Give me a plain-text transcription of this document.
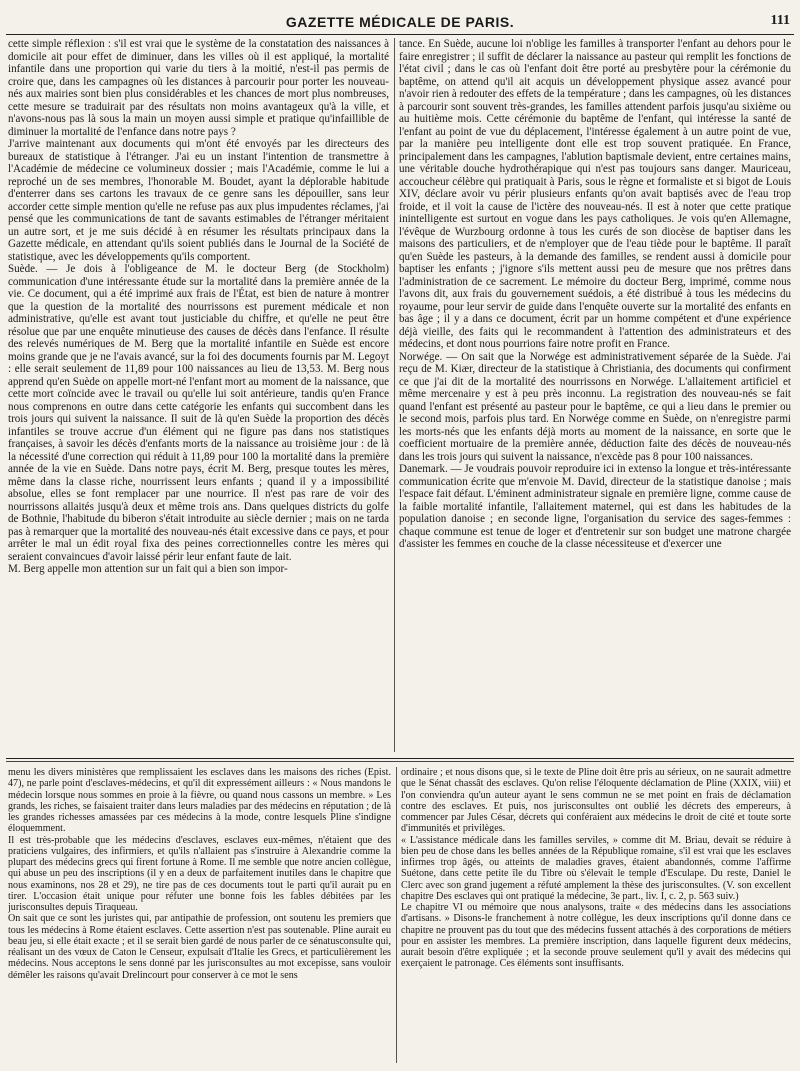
GAZETTE MÉDICALE DE PARIS.	111

cette simple réflexion : s'il est vrai que le système de la constatation des naissances à domicile ait pour effet de diminuer, dans les villes où il est appliqué, la mortalité infantile dans une proportion qui varie du tiers à la moitié, n'est-il pas permis de croire que, dans les campagnes où les distances à parcourir pour porter les nouveau-nés aux mairies sont bien plus considérables et les chances de mort plus nombreuses, cette mesure se traduirait par des résultats non moins avantageux qu'à la ville, et n'avons-nous pas là sous la main un moyen aussi simple et pratique qu'infaillible de diminuer la mortalité de l'enfance dans notre pays ?

J'arrive maintenant aux documents qui m'ont été envoyés par les directeurs des bureaux de statistique à l'étranger. J'ai eu un instant l'intention de transmettre à l'Académie de médecine ce volumineux dossier ; mais l'Académie, comme le lui a reproché un de ses membres, l'honorable M. Boudet, ayant la déplorable habitude d'enterrer dans ses cartons les travaux de ce genre sans les dépouiller, sans leur accorder cette simple mention qu'elle ne refuse pas aux plus impudentes réclames, j'ai pensé que les communications de tant de savants estimables de l'étranger méritaient un autre sort, et je me suis décidé à en résumer les résultats principaux dans la Gazette médicale, en attendant qu'ils soient publiés dans le Journal de la Société de statistique, avec les développements qu'ils comportent.

Suède. — Je dois à l'obligeance de M. le docteur Berg (de Stockholm) communication d'une intéressante étude sur la mortalité dans la première année de la vie. Ce document, qui a été imprimé aux frais de l'État, est bien de nature à montrer que la question de la mortalité des nourrissons est purement médicale et non administrative, qu'elle est avant tout justiciable du chiffre, et qu'elle ne peut être résolue que par une enquête minutieuse des causes de décès dans l'enfance. Il résulte des relevés numériques de M. Berg que la mortalité infantile en Suède est encore moins grande que je ne l'avais avancé, sur la foi des documents fournis par M. Legoyt : elle serait seulement de 11,89 pour 100 naissances au lieu de 13,53. M. Berg nous apprend qu'en Suède on appelle mort-né l'enfant mort au moment de la naissance, que cette mort coïncide avec le travail ou qu'elle lui soit antérieure, tandis qu'en France nous comprenons en outre dans cette catégorie les enfants qui succombent dans les trois jours qui suivent la naissance. Il suit de là qu'en Suède la proportion des décès infantiles se trouve accrue d'un élément qui ne figure pas dans nos statistiques françaises, à savoir les décès d'enfants morts de la naissance au troisième jour : de là la nécessité d'une correction qui réduit à 11,89 pour 100 la mortalité dans la première année de la vie en Suède. Dans notre pays, écrit M. Berg, presque toutes les mères, même dans la classe riche, nourrissent leurs enfants ; quand il y a impossibilité absolue, elles se font remplacer par une nourrice. Il n'est pas rare de voir des nourrissons allaités jusqu'à deux et même trois ans. Dans quelques districts du golfe de Bothnie, l'habitude du biberon s'était introduite au siècle dernier ; mais on ne tarda pas à remarquer que la mortalité des nouveau-nés était excessive dans ce pays, et pour arrêter le mal un édit royal fixa des peines correctionnelles contre les mères qui seraient convaincues d'avoir laissé périr leur enfant faute de lait.

M. Berg appelle mon attention sur un fait qui a bien son impor-

tance. En Suède, aucune loi n'oblige les familles à transporter l'enfant au dehors pour le faire enregistrer ; il suffit de déclarer la naissance au pasteur qui remplit les fonctions de l'état civil ; dans le cas où l'enfant doit être porté au presbytère pour la cérémonie du baptême, on attend qu'il ait acquis un développement physique assez avancé pour n'avoir rien à redouter des effets de la température ; dans les campagnes, où les distances à parcourir sont souvent très-grandes, les familles attendent parfois jusqu'au sixième ou au huitième mois. Cette cérémonie du baptême de l'enfant, qui intéresse la santé de l'enfant au point de vue du déplacement, l'intéresse également à un autre point de vue, par la manière peu intelligente dont elle est trop souvent pratiquée. En France, principalement dans les campagnes, l'ablution baptismale devient, entre certaines mains, une véritable douche hydrothérapique qui n'est pas toujours sans danger. Mauriceau, accoucheur célèbre qui pratiquait à Paris, sous le règne et formaliste et si bigot de Louis XIV, déclare avoir vu périr plusieurs enfants qu'on avait baptisés avec de l'eau trop froide, et il voit la cause de l'ictère des nouveau-nés. Il est à noter que cette pratique inintelligente est surtout en vogue dans les pays catholiques. Je vois qu'en Allemagne, l'évêque de Wurzbourg ordonne à tous les curés de son diocèse de baptiser dans les maisons des particuliers, et de n'employer que de l'eau tiède pour le baptême. Il paraît qu'en Suède les pasteurs, à la demande des familles, se rendent aussi à domicile pour baptiser les enfants ; j'ignore s'ils mettent aussi peu de mesure que nos prêtres dans l'administration de ce sacrement. Le mémoire du docteur Berg, imprimé, comme nous l'avons dit, aux frais du gouvernement suédois, a été distribué à tous les médecins du royaume, pour leur servir de guide dans l'enquête ouverte sur la mortalité des enfants en bas âge ; il y a dans ce document, écrit par un homme compétent et d'une expérience déjà vieille, des faits qui le recommandent à l'attention des administrateurs et des médecins, et dont nous pourrions faire notre profit en France.

Norwége. — On sait que la Norwége est administrativement séparée de la Suède. J'ai reçu de M. Kiær, directeur de la statistique à Christiania, des documents qui confirment ce que j'ai dit de la mortalité des nourrissons en Norwége. L'allaitement artificiel et même mercenaire y est à peu près inconnu. La registration des nouveau-nés se fait quand l'enfant est présenté au pasteur pour le baptême, ce qui a lieu dans le premier ou le second mois, parfois plus tard. En Norwége comme en Suède, on n'enregistre parmi les morts-nés que les enfants déjà morts au moment de la naissance, en sorte que le coefficient mortuaire de la première année, déduction faite des décès de nouveau-nés dans les trois jours qui suivent la naissance, n'excède pas 8 pour 100 naissances.

Danemark. — Je voudrais pouvoir reproduire ici in extenso la longue et très-intéressante communication écrite que m'envoie M. David, directeur de la statistique danoise ; mais l'espace fait défaut. L'éminent administrateur signale en première ligne, comme cause de la faible mortalité infantile, l'allaitement maternel, qui est dans les habitudes de la population danoise ; en seconde ligne, l'organisation du service des sages-femmes : chaque commune est tenue de loger et d'entretenir sur son budget une matrone chargée d'assister les femmes en couche de la classe nécessiteuse et d'exercer une

menu les divers ministères que remplissaient les esclaves dans les maisons des riches (Epist. 47), ne parle point d'esclaves-médecins, et qu'il dit expressément ailleurs : « Nous mandons le médecin lorsque nous sommes en proie à la fièvre, ou quand nous cassons un membre. » Les grands, les riches, se faisaient traiter dans leurs maladies par des médecins en réputation ; de là les grandes richesses amassées par ces médecins à la mode, contre lesquels Pline s'indigne éloquemment.

Il est très-probable que les médecins d'esclaves, esclaves eux-mêmes, n'étaient que des praticiens vulgaires, des infirmiers, et qu'ils n'allaient pas s'instruire à Alexandrie comme la plupart des médecins grecs qui firent fortune à Rome. Il me semble que notre ancien collègue, qui abuse un peu des inscriptions (il y en a deux de parfaitement inutiles dans le chapitre que nous examinons, nos 28 et 29), ne tire pas de ces documents tout le parti qu'il aurait pu en tirer. L'occasion était unique pour réfuter une bonne fois les fables débitées par les jurisconsultes depuis Tiraqueau.

On sait que ce sont les juristes qui, par antipathie de profession, ont soutenu les premiers que tous les médecins à Rome étaient esclaves. Cette assertion n'est pas soutenable. Pline aurait eu beau jeu, si elle était exacte ; et il se serait bien gardé de nous parler de ce sénatusconsulte qui, réalisant un des vœux de Caton le Censeur, expulsait d'Italie les Grecs, et particulièrement les médecins. Nous acceptons le sens donné par les jurisconsultes au mot excepisse, sans vouloir démêler les raisons qu'avait Drelincourt pour conserver à ce mot le sens

ordinaire ; et nous disons que, si le texte de Pline doit être pris au sérieux, on ne saurait admettre que le Sénat chassât des esclaves. Qu'on relise l'éloquente déclamation de Pline (XXIX, viii) et l'on conviendra qu'un auteur ayant le sens commun ne se met point en frais de déclamation contre des esclaves. Et puis, nos jurisconsultes ont oublié les décrets des empereurs, à commencer par Jules César, décrets qui conféraient aux médecins le droit de cité et toute sorte d'immunités et privilèges.

« L'assistance médicale dans les familles serviles, » comme dit M. Briau, devait se réduire à bien peu de chose dans les belles années de la République romaine, s'il est vrai que les esclaves infirmes trop âgés, ou atteints de maladies graves, étaient abandonnés, comme l'affirme Suétone, dans cette petite île du Tibre où s'élevait le temple d'Esculape. Du reste, Daniel le Clerc avec son grand jugement a réfuté amplement la thèse des jurisconsultes. (V. son excellent chapitre Des esclaves qui ont pratiqué la médecine, 3e part., liv. I, c. 2, p. 563 suiv.)

Le chapitre VI ou mémoire que nous analysons, traite « des médecins dans les associations d'artisans. » Disons-le franchement à notre collègue, les deux inscriptions qu'il donne dans ce chapitre ne prouvent pas du tout que des médecins fussent attachés à des corporations de métiers pour en assister les membres. La première inscription, dans laquelle figurent deux médecins, aurait besoin d'être expliquée ; et la seconde prouve seulement qu'il y avait des médecins qui exerçaient le patronage. Ces éléments sont insuffisants.
